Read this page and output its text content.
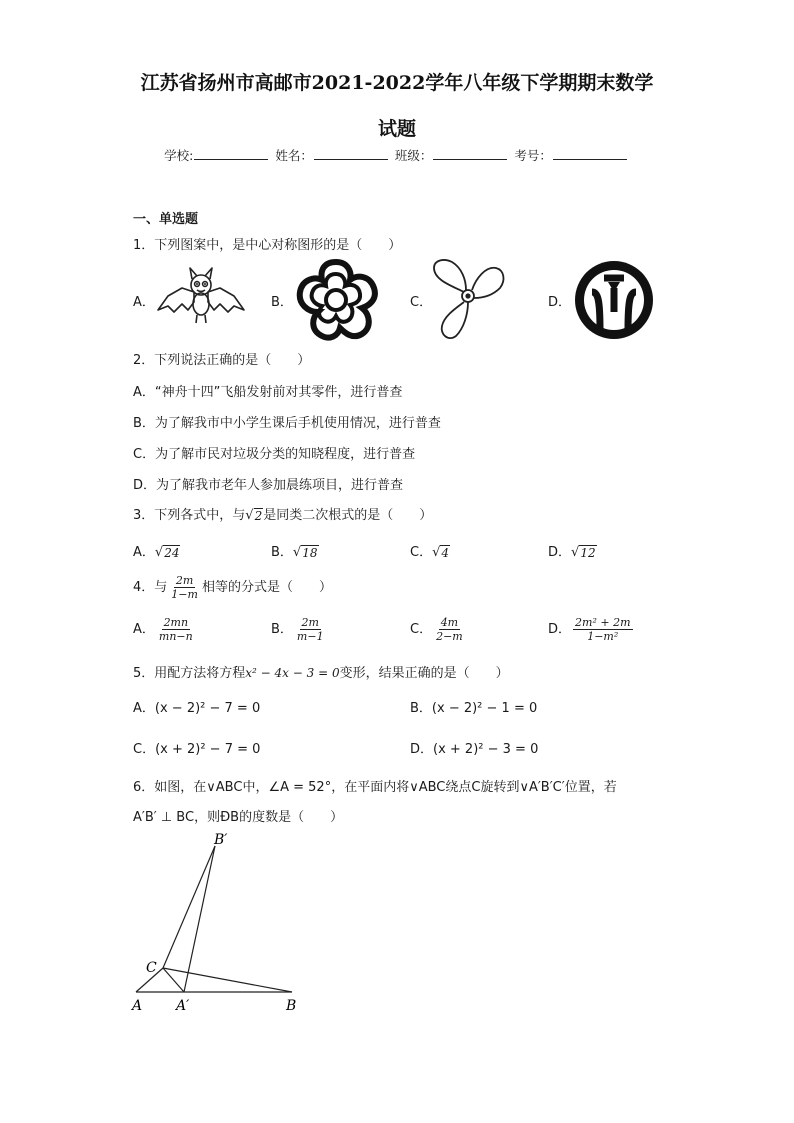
江苏省扬州市高邮市2021-2022学年八年级下学期期末数学
试题
学校:	姓名：	班级：	考号：
一、单选题
1．下列图案中，是中心对称图形的是（　　）
A．	B．	C．	D．
2．下列说法正确的是（　　）
A．“神舟十四”飞船发射前对其零件，进行普查
B．为了解我市中小学生课后手机使用情况，进行普查
C．为了解市民对垃圾分类的知晓程度，进行普查
D．为了解我市老年人参加晨练项目，进行普查
3．下列各式中，与 √ 2 是同类二次根式的是（　　）
A． √ 24	B． √ 18	C． √ 4	D． √ 12
4．与 $\frac{2m}{1-m}$ 相等的分式是（　　）
A． $\frac{2mn}{mn-n}$	B． $\frac{2m}{m-1}$	C． $\frac{4m}{2-m}$	D． $\frac{\text{2m² + 2m}}{\text{1−m²}}$
5．用配方法将方程x² − 4x − 3 = 0变形，结果正确的是（　　）
A．(x − 2)² − 7 = 0	B．(x − 2)² − 1 = 0
C．(x + 2)² − 7 = 0	D．(x + 2)² − 3 = 0
6．如图，在∨ABC中，∠A = 52°，在平面内将∨ABC绕点C旋转到∨A′B′C′位置，若
A′B′ ⊥ BC，则ÐB的度数是（　　）
B′
C
A A′	B
